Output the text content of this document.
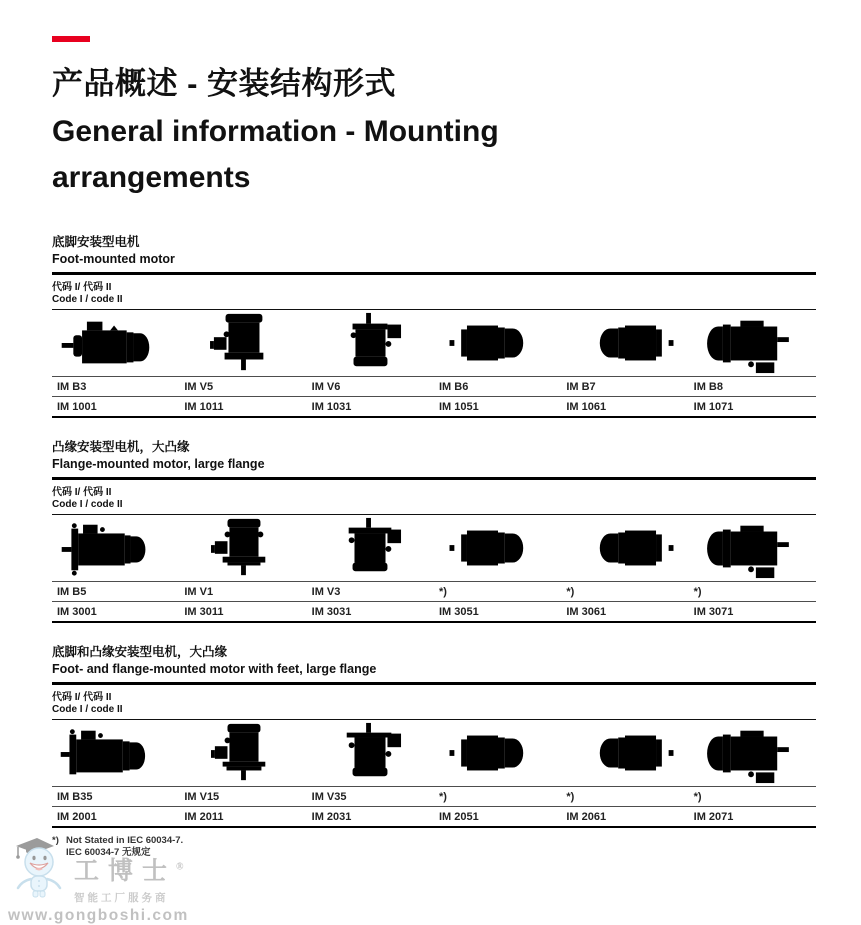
产品概述 - 安装结构形式
General information - Mounting
arrangements
底脚安装型电机
Foot-mounted motor
代码 I/ 代码 II
Code I / code II
IM B3	IM V5	IM V6	IM B6	IM B7	IM B8
IM 1001	IM 1011	IM 1031	IM 1051	IM 1061	IM 1071
凸缘安装型电机，大凸缘
Flange-mounted motor, large flange
代码 I/ 代码 II
Code I / code II
IM B5	IM V1	IM V3	*)	*)	*)
IM 3001	IM 3011	IM 3031	IM 3051	IM 3061	IM 3071
底脚和凸缘安装型电机，大凸缘
Foot- and flange-mounted motor with feet, large flange
代码 I/ 代码 II
Code I / code II
IM B35	IM V15	IM V35	*)	*)	*)
IM 2001	IM 2011	IM 2031	IM 2051	IM 2061	IM 2071
*) Not Stated in IEC 60034-7.
IEC 60034-7 无规定
工博士®
智能工厂服务商
www.gongboshi.com
